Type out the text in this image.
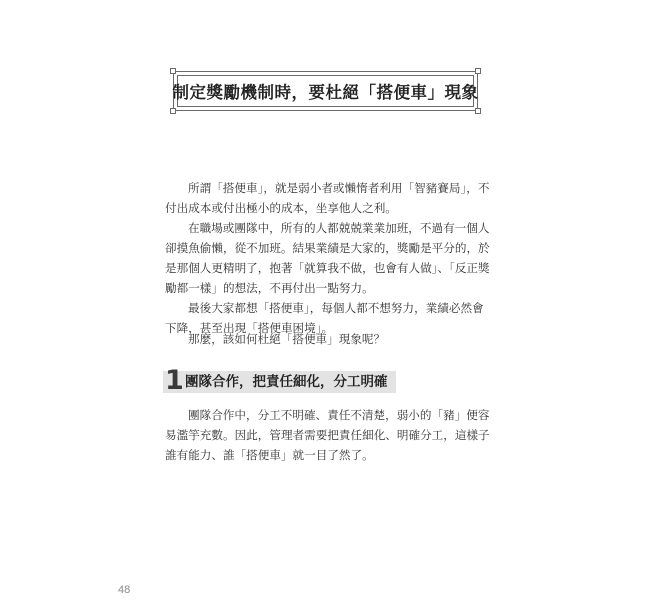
制定獎勵機制時，要杜絕「搭便車」現象

所謂「搭便車」，就是弱小者或懶惰者利用「智豬賽局」，不付出成本或付出極小的成本，坐享他人之利。

在職場或團隊中，所有的人都兢兢業業加班，不過有一個人卻摸魚偷懶，從不加班。結果業績是大家的，獎勵是平分的，於是那個人更精明了，抱著「就算我不做，也會有人做」、「反正獎勵都一樣」的想法，不再付出一點努力。

最後大家都想「搭便車」，每個人都不想努力，業績必然會下降，甚至出現「搭便車困境」。

那麼，該如何杜絕「搭便車」現象呢？

1 團隊合作，把責任細化，分工明確

團隊合作中，分工不明確、責任不清楚，弱小的「豬」便容易濫竽充數。因此，管理者需要把責任細化、明確分工，這樣子誰有能力、誰「搭便車」就一目了然了。

48
